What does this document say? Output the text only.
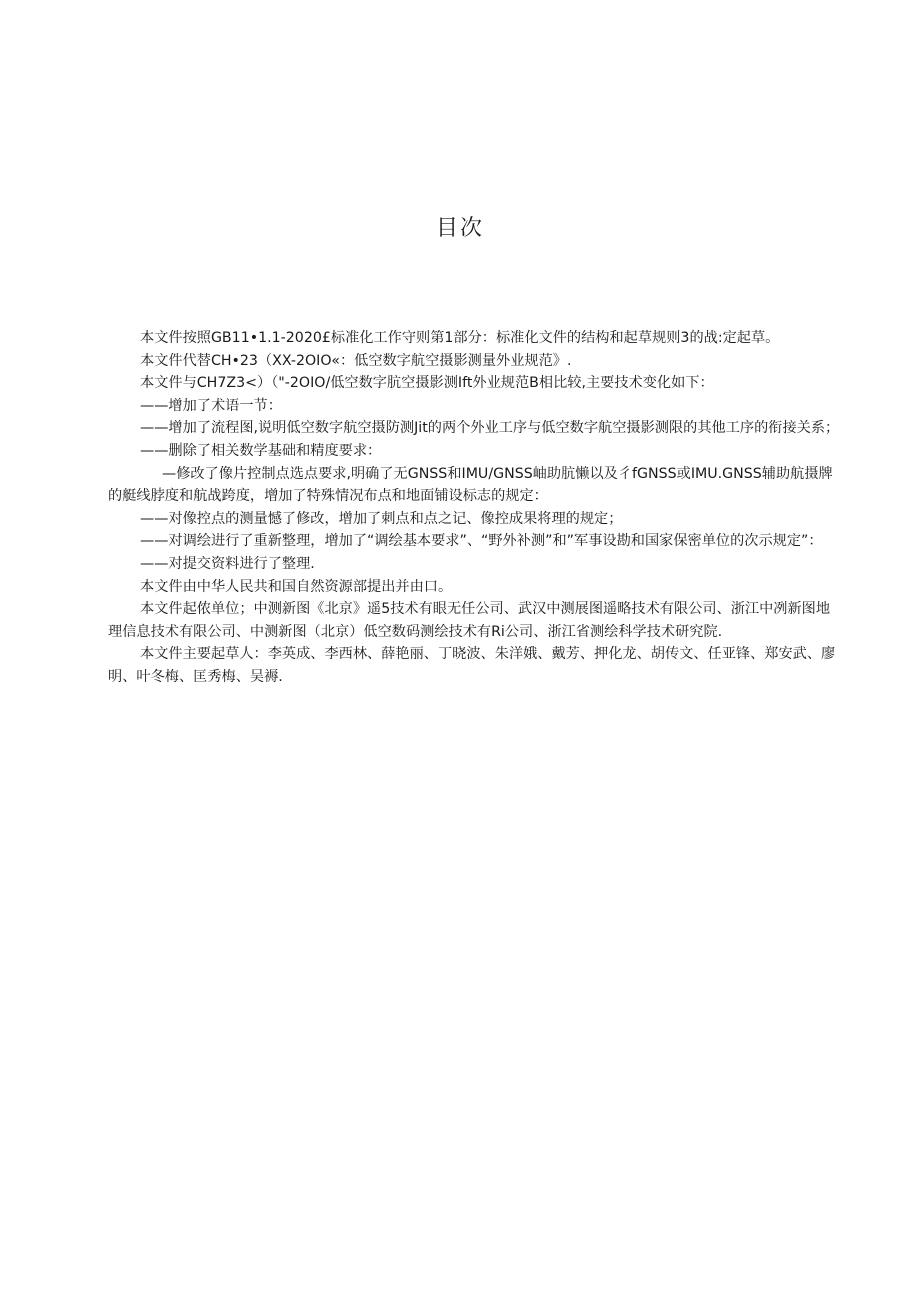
目次

本文件按照GB11•1.1-2020£标准化工作守则第1部分：标准化文件的结构和起草规则3的战:定起草。

本文件代替CH•23（XX-2OIO«：低空数字航空摄影测量外业规范》.

本文件与CH7Z3<）（"-2OIO/低空数字肮空摄影测Ift外业规范B相比较,主要技术变化如下：

——增加了术语一节：

——增加了流程图,说明低空数字航空摄防测Jit的两个外业工序与低空数字航空摄影测限的其他工序的衔接关系；

——删除了相关数学基础和精度要求：

—修改了像片控制点选点要求,明确了无GNSS和IMU/GNSS岫助肮懒以及彳fGNSS或IMU.GNSS辅助航摄牌的艇线脖度和航战跨度，增加了特殊情况布点和地面铺设标志的规定：

——对像控点的测量憾了修改，增加了刺点和点之记、像控成果将理的规定；

——对调绘进行了重新整理，增加了“调绘基本要求”、“野外补测”和”军事设勘和国家保密单位的次示规定”：

——对提交资料进行了整理.

本文件由中华人民共和国自然资源部提出并由口。

本文件起侬单位；中测新图《北京》遥5技术有眼无任公司、武汉中测展图遥略技术有限公司、浙江中冽新图地理信息技术有限公司、中测新图（北京）低空数码测绘技术有Ri公司、浙江省测绘科学技术研究院.

本文件主要起草人：李英成、李西林、薛艳丽、丁晓波、朱洋娥、戴芳、押化龙、胡传文、任亚锋、郑安武、廖明、叶冬梅、匡秀梅、吴褥.
